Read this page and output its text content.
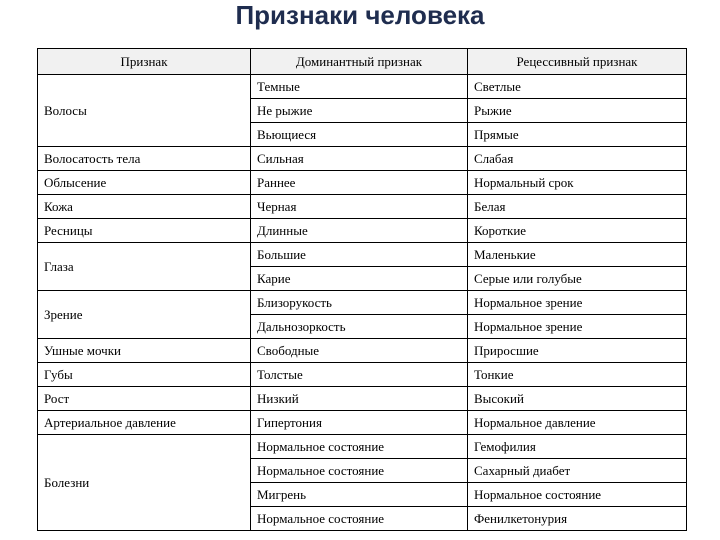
Признаки человека
Признак	Доминантный признак	Рецессивный признак
Волосы	Темные	Светлые
	Не рыжие	Рыжие
	Вьющиеся	Прямые
Волосатость тела	Сильная	Слабая
Облысение	Раннее	Нормальный срок
Кожа	Черная	Белая
Ресницы	Длинные	Короткие
Глаза	Большие	Маленькие
	Карие	Серые или голубые
Зрение	Близорукость	Нормальное зрение
	Дальнозоркость	Нормальное зрение
Ушные мочки	Свободные	Приросшие
Губы	Толстые	Тонкие
Рост	Низкий	Высокий
Артериальное давление	Гипертония	Нормальное давление
Болезни	Нормальное состояние	Гемофилия
	Нормальное состояние	Сахарный диабет
	Мигрень	Нормальное состояние
	Нормальное состояние	Фенилкетонурия
